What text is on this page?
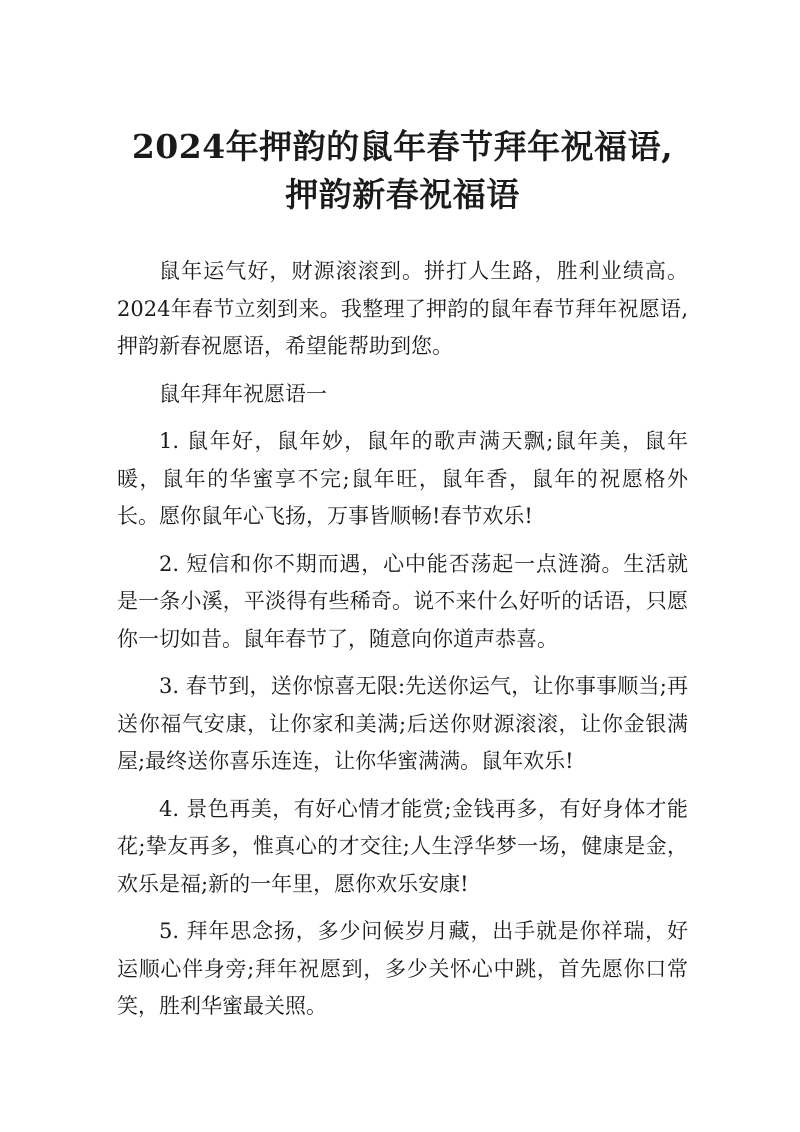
2024年押韵的鼠年春节拜年祝福语,押韵新春祝福语

鼠年运气好，财源滚滚到。拼打人生路，胜利业绩高。2024年春节立刻到来。我整理了押韵的鼠年春节拜年祝愿语,押韵新春祝愿语，希望能帮助到您。

鼠年拜年祝愿语一

1. 鼠年好，鼠年妙，鼠年的歌声满天飘;鼠年美，鼠年暖，鼠年的华蜜享不完;鼠年旺，鼠年香，鼠年的祝愿格外长。愿你鼠年心飞扬，万事皆顺畅!春节欢乐!

2. 短信和你不期而遇，心中能否荡起一点涟漪。生活就是一条小溪，平淡得有些稀奇。说不来什么好听的话语，只愿你一切如昔。鼠年春节了，随意向你道声恭喜。

3. 春节到，送你惊喜无限:先送你运气，让你事事顺当;再送你福气安康，让你家和美满;后送你财源滚滚，让你金银满屋;最终送你喜乐连连，让你华蜜满满。鼠年欢乐!

4. 景色再美，有好心情才能赏;金钱再多，有好身体才能花;挚友再多，惟真心的才交往;人生浮华梦一场，健康是金，欢乐是福;新的一年里，愿你欢乐安康!

5. 拜年思念扬，多少问候岁月藏，出手就是你祥瑞，好运顺心伴身旁;拜年祝愿到，多少关怀心中跳，首先愿你口常笑，胜利华蜜最关照。
